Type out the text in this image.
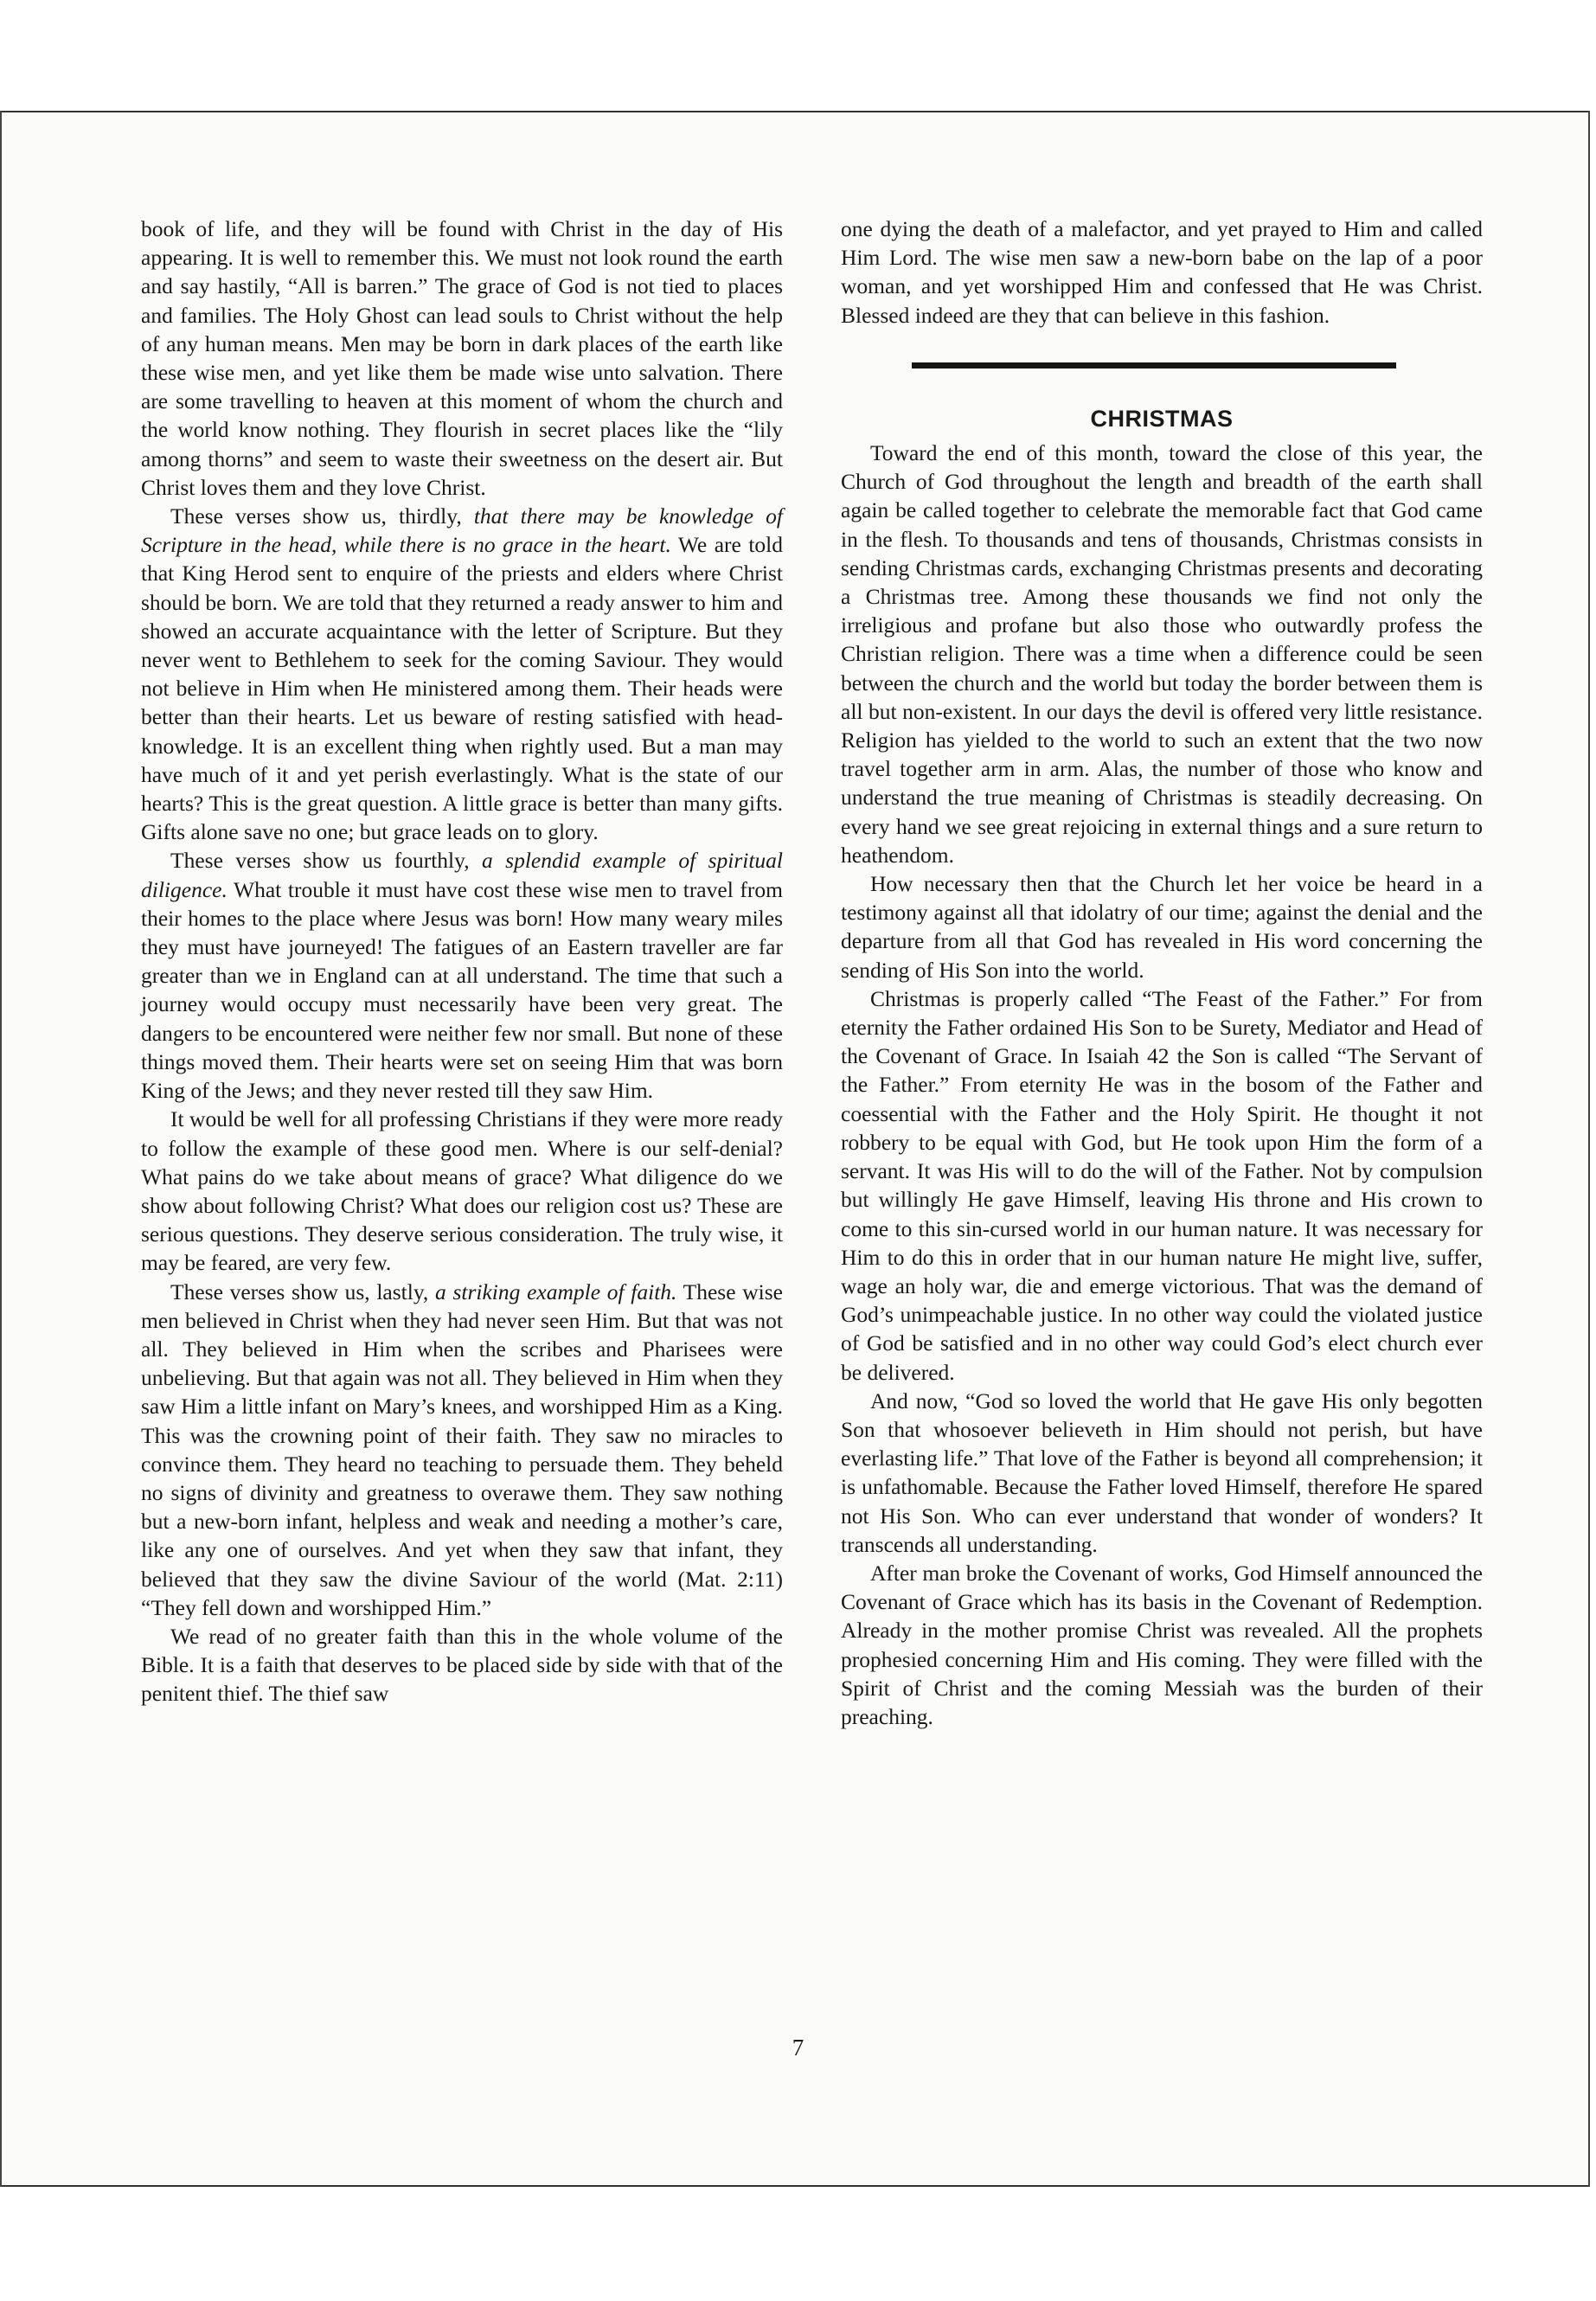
book of life, and they will be found with Christ in the day of His appearing. It is well to remember this. We must not look round the earth and say hastily, “All is barren.” The grace of God is not tied to places and families. The Holy Ghost can lead souls to Christ without the help of any human means. Men may be born in dark places of the earth like these wise men, and yet like them be made wise unto salvation. There are some travelling to heaven at this moment of whom the church and the world know nothing. They flourish in secret places like the “lily among thorns” and seem to waste their sweetness on the desert air. But Christ loves them and they love Christ.

These verses show us, thirdly, that there may be knowledge of Scripture in the head, while there is no grace in the heart. We are told that King Herod sent to enquire of the priests and elders where Christ should be born. We are told that they returned a ready answer to him and showed an accurate acquaintance with the letter of Scripture. But they never went to Bethlehem to seek for the coming Saviour. They would not believe in Him when He ministered among them. Their heads were better than their hearts. Let us beware of resting satisfied with head-knowledge. It is an excellent thing when rightly used. But a man may have much of it and yet perish everlastingly. What is the state of our hearts? This is the great question. A little grace is better than many gifts. Gifts alone save no one; but grace leads on to glory.

These verses show us fourthly, a splendid example of spiritual diligence. What trouble it must have cost these wise men to travel from their homes to the place where Jesus was born! How many weary miles they must have journeyed! The fatigues of an Eastern traveller are far greater than we in England can at all understand. The time that such a journey would occupy must necessarily have been very great. The dangers to be encountered were neither few nor small. But none of these things moved them. Their hearts were set on seeing Him that was born King of the Jews; and they never rested till they saw Him.

It would be well for all professing Christians if they were more ready to follow the example of these good men. Where is our self-denial? What pains do we take about means of grace? What diligence do we show about following Christ? What does our religion cost us? These are serious questions. They deserve serious consideration. The truly wise, it may be feared, are very few.

These verses show us, lastly, a striking example of faith. These wise men believed in Christ when they had never seen Him. But that was not all. They believed in Him when the scribes and Pharisees were unbelieving. But that again was not all. They believed in Him when they saw Him a little infant on Mary’s knees, and worshipped Him as a King. This was the crowning point of their faith. They saw no miracles to convince them. They heard no teaching to persuade them. They beheld no signs of divinity and greatness to overawe them. They saw nothing but a new-born infant, helpless and weak and needing a mother’s care, like any one of ourselves. And yet when they saw that infant, they believed that they saw the divine Saviour of the world (Mat. 2:11) “They fell down and worshipped Him.”

We read of no greater faith than this in the whole volume of the Bible. It is a faith that deserves to be placed side by side with that of the penitent thief. The thief saw

one dying the death of a malefactor, and yet prayed to Him and called Him Lord. The wise men saw a new-born babe on the lap of a poor woman, and yet worshipped Him and confessed that He was Christ. Blessed indeed are they that can believe in this fashion.

CHRISTMAS

Toward the end of this month, toward the close of this year, the Church of God throughout the length and breadth of the earth shall again be called together to celebrate the memorable fact that God came in the flesh. To thousands and tens of thousands, Christmas consists in sending Christmas cards, exchanging Christmas presents and decorating a Christmas tree. Among these thousands we find not only the irreligious and profane but also those who outwardly profess the Christian religion. There was a time when a difference could be seen between the church and the world but today the border between them is all but non-existent. In our days the devil is offered very little resistance. Religion has yielded to the world to such an extent that the two now travel together arm in arm. Alas, the number of those who know and understand the true meaning of Christmas is steadily decreasing. On every hand we see great rejoicing in external things and a sure return to heathendom.

How necessary then that the Church let her voice be heard in a testimony against all that idolatry of our time; against the denial and the departure from all that God has revealed in His word concerning the sending of His Son into the world.

Christmas is properly called “The Feast of the Father.” For from eternity the Father ordained His Son to be Surety, Mediator and Head of the Covenant of Grace. In Isaiah 42 the Son is called “The Servant of the Father.” From eternity He was in the bosom of the Father and coessential with the Father and the Holy Spirit. He thought it not robbery to be equal with God, but He took upon Him the form of a servant. It was His will to do the will of the Father. Not by compulsion but willingly He gave Himself, leaving His throne and His crown to come to this sin-cursed world in our human nature. It was necessary for Him to do this in order that in our human nature He might live, suffer, wage an holy war, die and emerge victorious. That was the demand of God’s unimpeachable justice. In no other way could the violated justice of God be satisfied and in no other way could God’s elect church ever be delivered.

And now, “God so loved the world that He gave His only begotten Son that whosoever believeth in Him should not perish, but have everlasting life.” That love of the Father is beyond all comprehension; it is unfathomable. Because the Father loved Himself, therefore He spared not His Son. Who can ever understand that wonder of wonders? It transcends all understanding.

After man broke the Covenant of works, God Himself announced the Covenant of Grace which has its basis in the Covenant of Redemption. Already in the mother promise Christ was revealed. All the prophets prophesied concerning Him and His coming. They were filled with the Spirit of Christ and the coming Messiah was the burden of their preaching.

7
